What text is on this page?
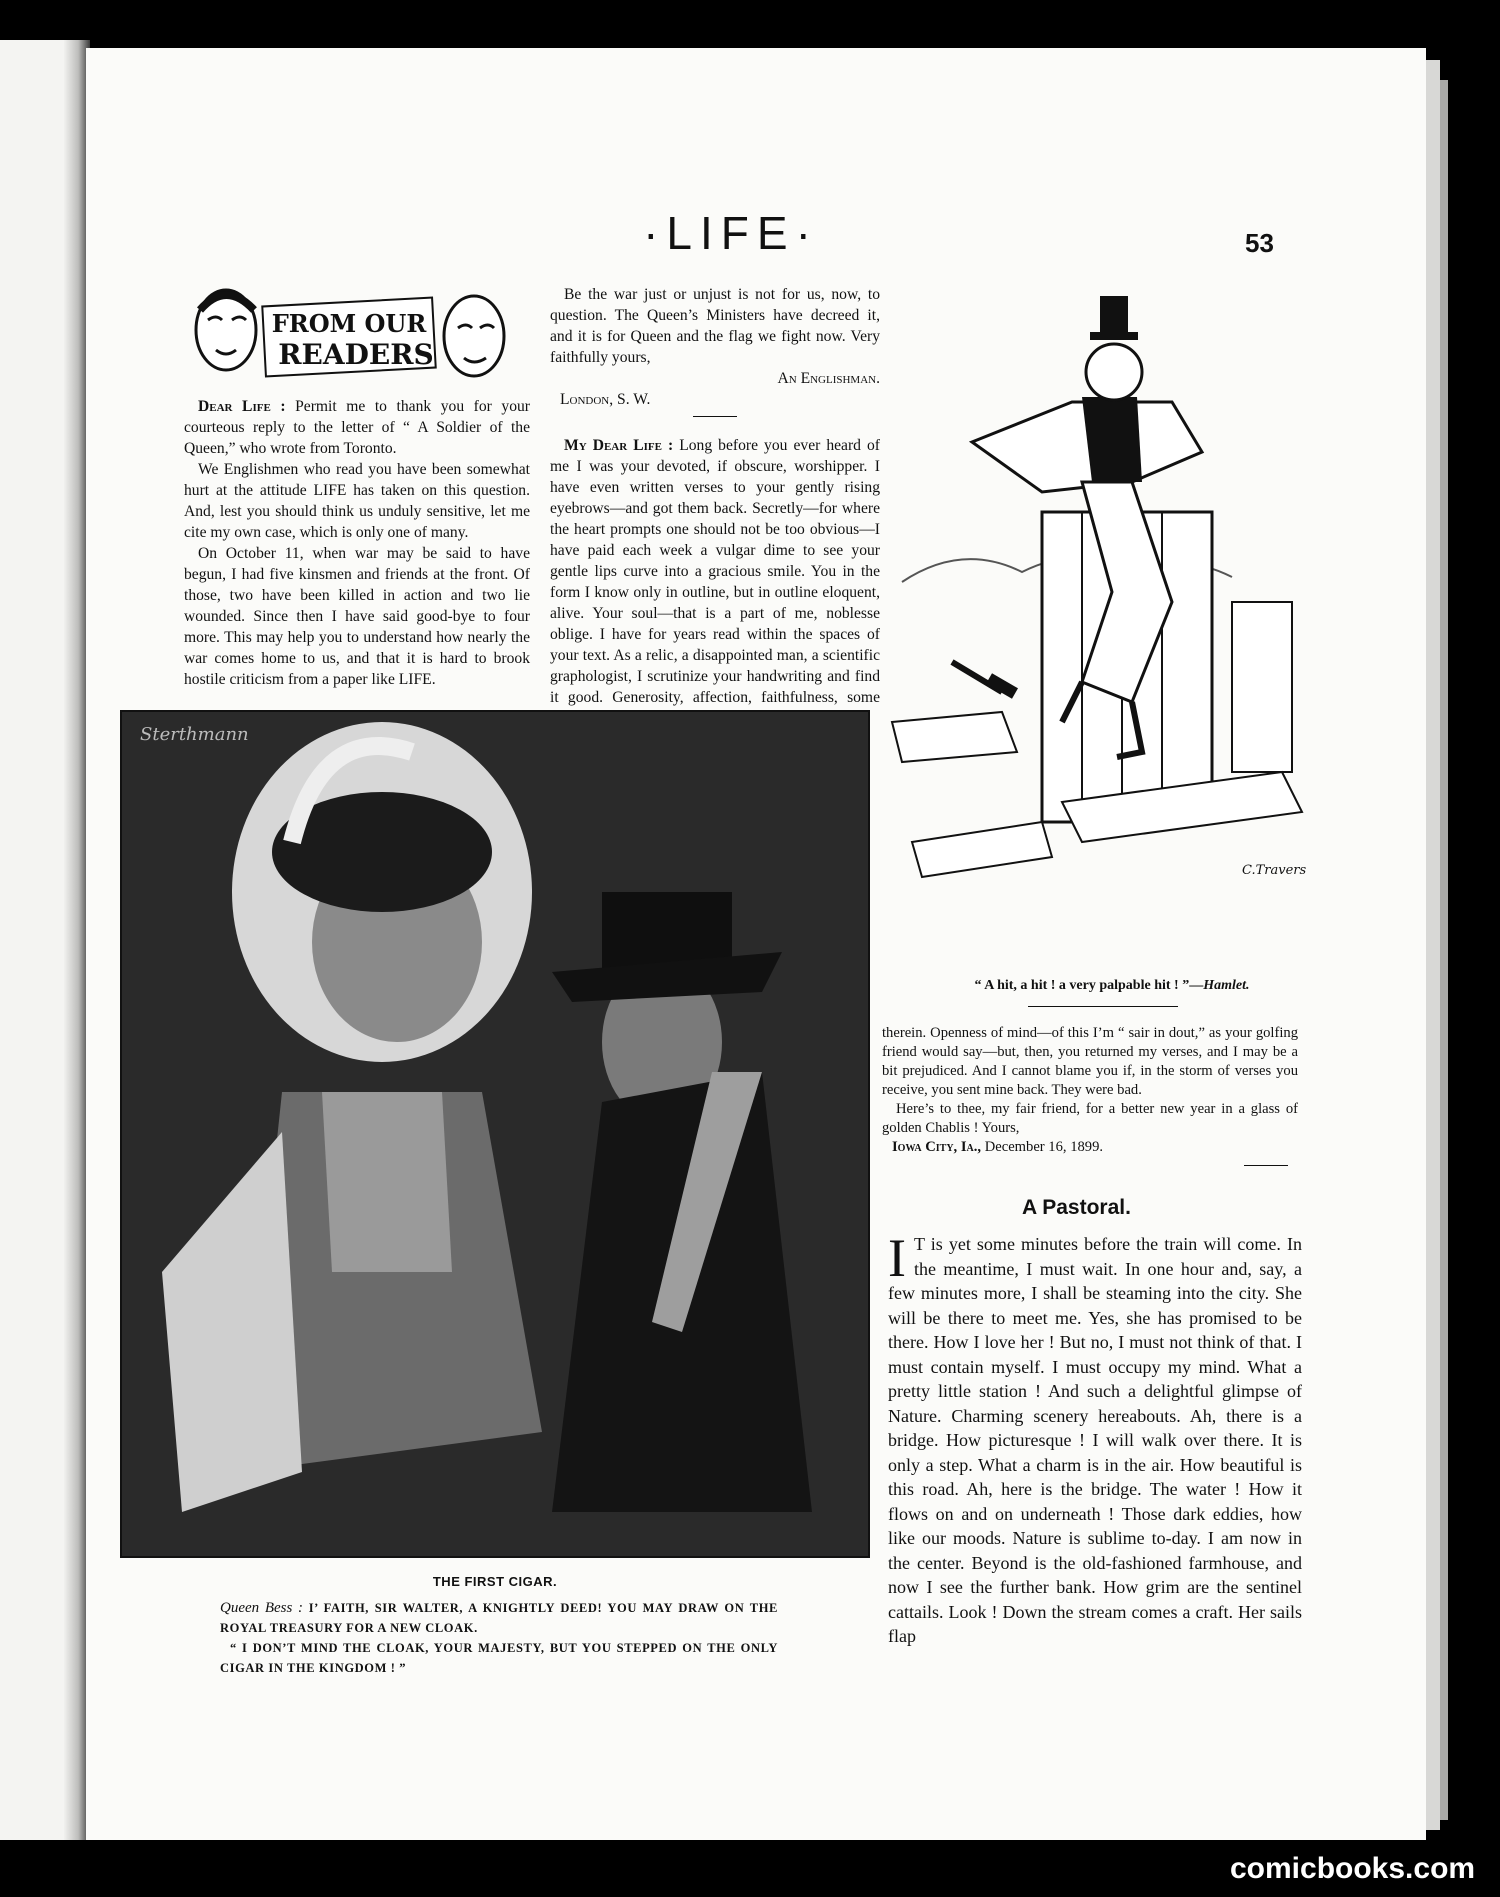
·LIFE·	53
FROM OUR
READERS

Dear Life : Permit me to thank you for your courteous reply to the letter of “ A Soldier of the Queen,” who wrote from Toronto.

We Englishmen who read you have been somewhat hurt at the attitude LIFE has taken on this question. And, lest you should think us unduly sensitive, let me cite my own case, which is only one of many.

On October 11, when war may be said to have begun, I had five kinsmen and friends at the front. Of those, two have been killed in action and two lie wounded. Since then I have said good-bye to four more. This may help you to understand how nearly the war comes home to us, and that it is hard to brook hostile criticism from a paper like LIFE.

Be the war just or unjust is not for us, now, to question. The Queen’s Ministers have decreed it, and it is for Queen and the flag we fight now. Very faithfully yours,

An Englishman.

London, S. W.

My Dear Life : Long before you ever heard of me I was your devoted, if obscure, worshipper. I have even written verses to your gently rising eyebrows—and got them back. Secretly—for where the heart prompts one should not be too obvious—I have paid each week a vulgar dime to see your gentle lips curve into a gracious smile. You in the form I know only in outline, but in outline eloquent, alive. Your soul—that is a part of me, noblesse oblige. I have for years read within the spaces of your text. As a relic, a disappointed man, a scientific graphologist, I scrutinize your handwriting and find it good. Generosity, affection, faithfulness, some

Sterthmann
THE FIRST CIGAR.
Queen Bess : I’ FAITH, SIR WALTER, A KNIGHTLY DEED! YOU MAY DRAW ON THE ROYAL TREASURY FOR A NEW CLOAK.
“ I DON’T MIND THE CLOAK, YOUR MAJESTY, BUT YOU STEPPED ON THE ONLY CIGAR IN THE KINGDOM ! ”
C.Travers
“ A hit, a hit ! a very palpable hit ! ”—Hamlet.

therein. Openness of mind—of this I’m “ sair in dout,” as your golfing friend would say—but, then, you returned my verses, and I may be a bit prejudiced. And I cannot blame you if, in the storm of verses you receive, you sent mine back. They were bad.

Here’s to thee, my fair friend, for a better new year in a glass of golden Chablis ! Yours,

Iowa City, Ia., December 16, 1899.

A Pastoral.
I T is yet some minutes before the train will come. In the meantime, I must wait. In one hour and, say, a few minutes more, I shall be steaming into the city. She will be there to meet me. Yes, she has promised to be there. How I love her ! But no, I must not think of that. I must contain myself. I must occupy my mind. What a pretty little station ! And such a delightful glimpse of Nature. Charming scenery hereabouts. Ah, there is a bridge. How picturesque ! I will walk over there. It is only a step. What a charm is in the air. How beautiful is this road. Ah, here is the bridge. The water ! How it flows on and on underneath ! Those dark eddies, how like our moods. Nature is sublime to-day. I am now in the center. Beyond is the old-fashioned farmhouse, and now I see the further bank. How grim are the sentinel cattails. Look ! Down the stream comes a craft. Her sails flap
comicbooks.com
